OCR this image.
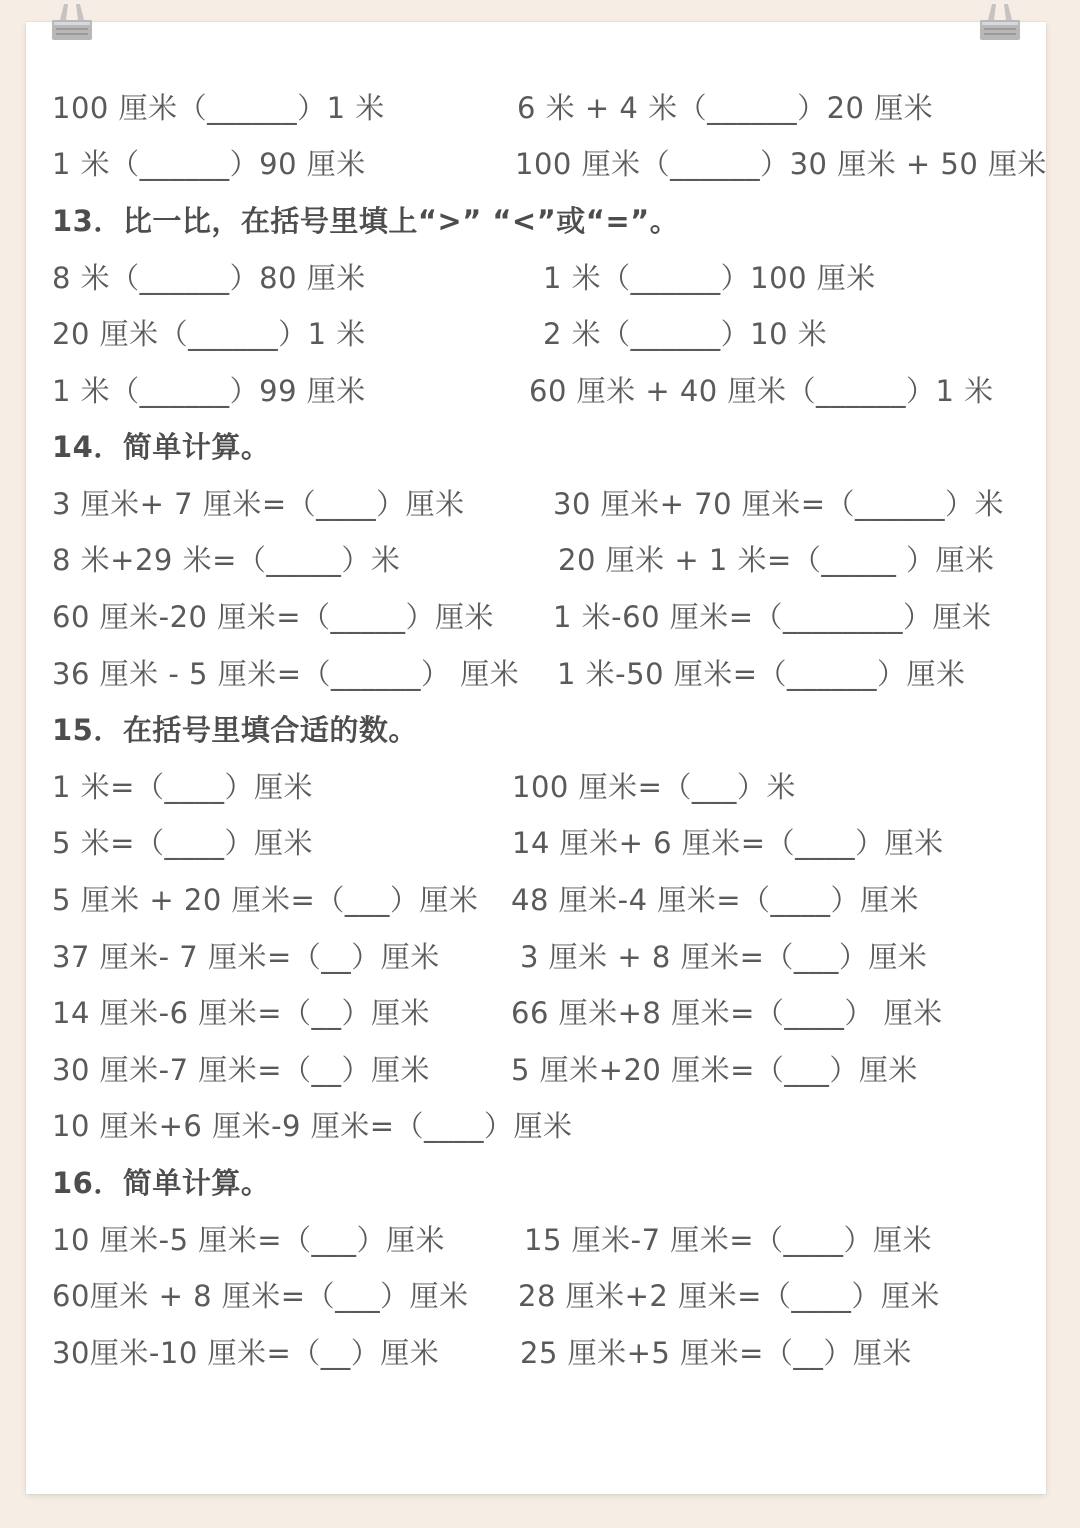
100 厘米（______）1 米	6 米 + 4 米（______）20 厘米
1 米（______）90 厘米	100 厘米（______）30 厘米 + 50 厘米
13．比一比，在括号里填上“>” “<”或“=”。
8 米（______）80 厘米	1 米（______）100 厘米
20 厘米（______）1 米	2 米（______）10 米
1 米（______）99 厘米	60 厘米 + 40 厘米（______）1 米
14．简单计算。
3 厘米+ 7 厘米=（____）厘米	30 厘米+ 70 厘米=（______）米
8 米+29 米=（_____）米	20 厘米 + 1 米=（_____ ）厘米
60 厘米-20 厘米=（_____）厘米 1 米-60 厘米=（________）厘米
36 厘米 - 5 厘米=（______） 厘米 1 米-50 厘米=（______）厘米
15．在括号里填合适的数。
1 米=（____）厘米	100 厘米=（___）米
5 米=（____）厘米	14 厘米+ 6 厘米=（____）厘米
5 厘米 + 20 厘米=（___）厘米 48 厘米-4 厘米=（____）厘米
37 厘米- 7 厘米=（__）厘米	3 厘米 + 8 厘米=（___）厘米
14 厘米-6 厘米=（__）厘米	66 厘米+8 厘米=（____） 厘米
30 厘米-7 厘米=（__）厘米	5 厘米+20 厘米=（___）厘米
10 厘米+6 厘米-9 厘米=（____）厘米
16．简单计算。
10 厘米-5 厘米=（___）厘米	15 厘米-7 厘米=（____）厘米
60厘米 + 8 厘米=（___）厘米 28 厘米+2 厘米=（____）厘米
30厘米-10 厘米=（__）厘米	25 厘米+5 厘米=（__）厘米
